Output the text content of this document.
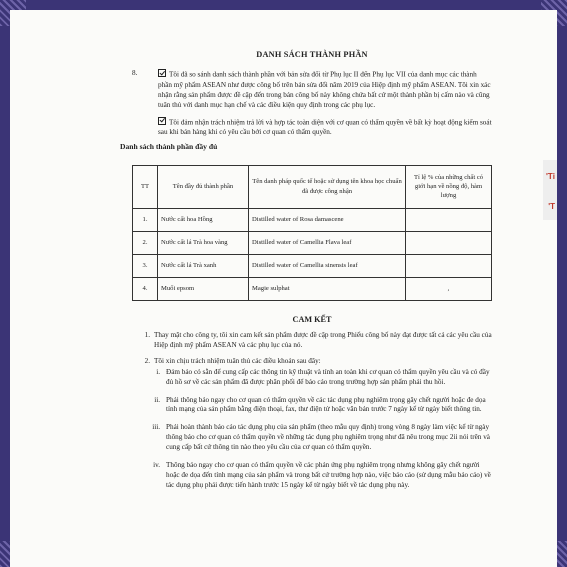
'Tỉ
'T
DANH SÁCH THÀNH PHẦN
8.	Tôi đã so sánh danh sách thành phần với bản sửa đổi từ Phụ lục II đến Phụ lục VII của danh mục các thành phần mỹ phẩm ASEAN như được công bố trên bản sửa đổi năm 2019 của Hiệp định mỹ phẩm ASEAN. Tôi xin xác nhận rằng sản phẩm được đề cập đến trong bản công bố này không chứa bất cứ một thành phần bị cấm nào và cũng tuân thủ với danh mục hạn chế và các điều kiện quy định trong các phụ lục.
Tôi đảm nhận trách nhiệm trả lời và hợp tác toàn diện với cơ quan có thẩm quyền về bất kỳ hoạt động kiểm soát sau khi bán hàng khi có yêu cầu bởi cơ quan có thẩm quyền.
Danh sách thành phần đầy đủ
TT	Tên đầy đủ thành phần	Tên danh pháp quốc tế hoặc sử dụng tên khoa học chuẩn đã được công nhận	Tỉ lệ % của những chất có giới hạn về nồng độ, hàm lượng
1.	Nước cất hoa Hồng	Distilled water of Rosa damascene	
2.	Nước cất lá Trà hoa vàng	Distilled water of Camellia Flava leaf	
3.	Nước cất lá Trà xanh	Distilled water of Camellia sinensis leaf	
4.	Muối epsom	Magie sulphat	,
CAM KẾT
1. Thay mặt cho công ty, tôi xin cam kết sản phẩm được đề cập trong Phiếu công bố này đạt được tất cả các yêu cầu của Hiệp định mỹ phẩm ASEAN và các phụ lục của nó.
2. Tôi xin chịu trách nhiệm tuân thủ các điều khoản sau đây:
i. Đảm bảo có sẵn để cung cấp các thông tin kỹ thuật và tính an toàn khi cơ quan có thẩm quyền yêu cầu và có đầy đủ hồ sơ về các sản phẩm đã được phân phối để báo cáo trong trường hợp sản phẩm phải thu hồi.
ii. Phải thông báo ngay cho cơ quan có thẩm quyền về các tác dụng phụ nghiêm trọng gây chết người hoặc đe dọa tính mạng của sản phẩm bằng điện thoại, fax, thư điện tử hoặc văn bản trước 7 ngày kể từ ngày biết thông tin.
iii. Phải hoàn thành báo cáo tác dụng phụ của sản phẩm (theo mẫu quy định) trong vòng 8 ngày làm việc kể từ ngày thông báo cho cơ quan có thẩm quyền về những tác dụng phụ nghiêm trọng như đã nêu trong mục 2ii nói trên và cung cấp bất cứ thông tin nào theo yêu cầu của cơ quan có thẩm quyền.
iv. Thông báo ngay cho cơ quan có thẩm quyền về các phản ứng phụ nghiêm trọng nhưng không gây chết người hoặc đe dọa đến tính mạng của sản phẩm và trong bất cứ trường hợp nào, việc báo cáo (sử dụng mẫu báo cáo) về tác dụng phụ phải được tiến hành trước 15 ngày kể từ ngày biết về tác dụng phụ này.
